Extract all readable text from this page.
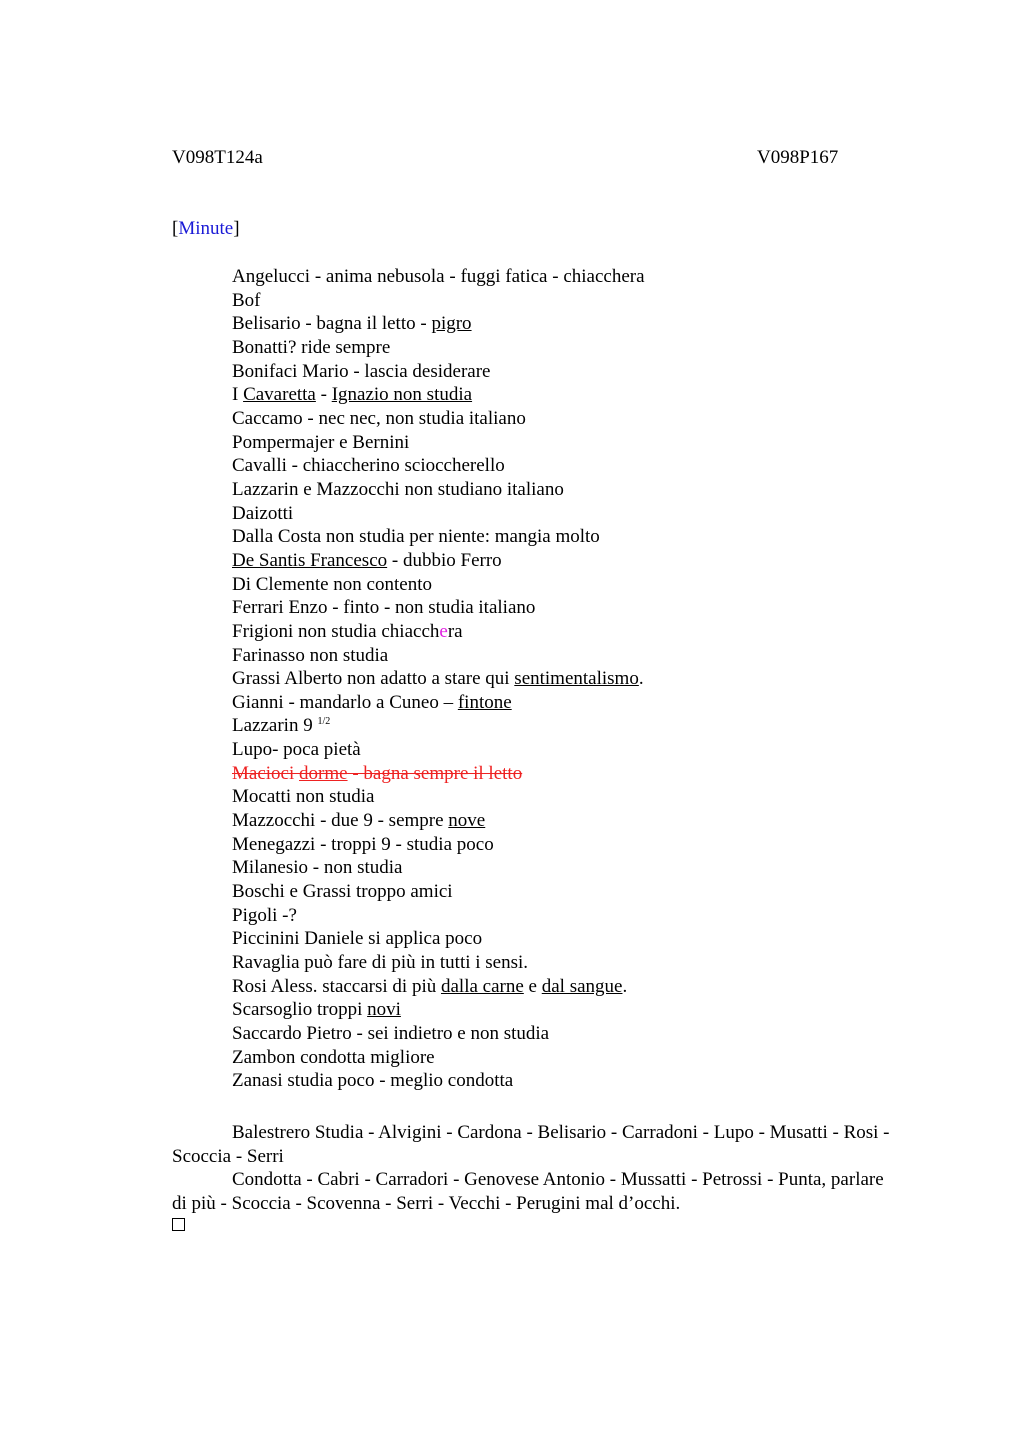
V098T124a	V098P167
[Minute]
Angelucci - anima nebusola - fuggi fatica - chiacchera
Bof
Belisario - bagna il letto - pigro
Bonatti? ride sempre
Bonifaci Mario - lascia desiderare
I Cavaretta - Ignazio non studia
Caccamo - nec nec, non studia italiano
Pompermajer e Bernini
Cavalli - chiaccherino scioccherello
Lazzarin e Mazzocchi non studiano italiano
Daizotti
Dalla Costa non studia per niente: mangia molto
De Santis Francesco - dubbio Ferro
Di Clemente non contento
Ferrari Enzo - finto - non studia italiano
Frigioni non studia chiacchera
Farinasso non studia
Grassi Alberto non adatto a stare qui sentimentalismo.
Gianni - mandarlo a Cuneo – fintone
Lazzarin 9 $^{1/2}$
Lupo- poca pietà
Macioci dorme - bagna sempre il letto
Mocatti non studia
Mazzocchi - due 9 - sempre nove
Menegazzi - troppi 9 - studia poco
Milanesio - non studia
Boschi e Grassi troppo amici
Pigoli -?
Piccinini Daniele si applica poco
Ravaglia può fare di più in tutti i sensi.
Rosi Aless. staccarsi di più dalla carne e dal sangue.
Scarsoglio troppi novi
Saccardo Pietro - sei indietro e non studia
Zambon condotta migliore
Zanasi studia poco - meglio condotta
Balestrero Studia - Alvigini - Cardona - Belisario - Carradoni - Lupo - Musatti - Rosi - Scoccia - Serri
Condotta - Cabri - Carradori - Genovese Antonio - Mussatti - Petrossi - Punta, parlare di più - Scoccia - Scovenna - Serri - Vecchi - Perugini mal d’occhi.
